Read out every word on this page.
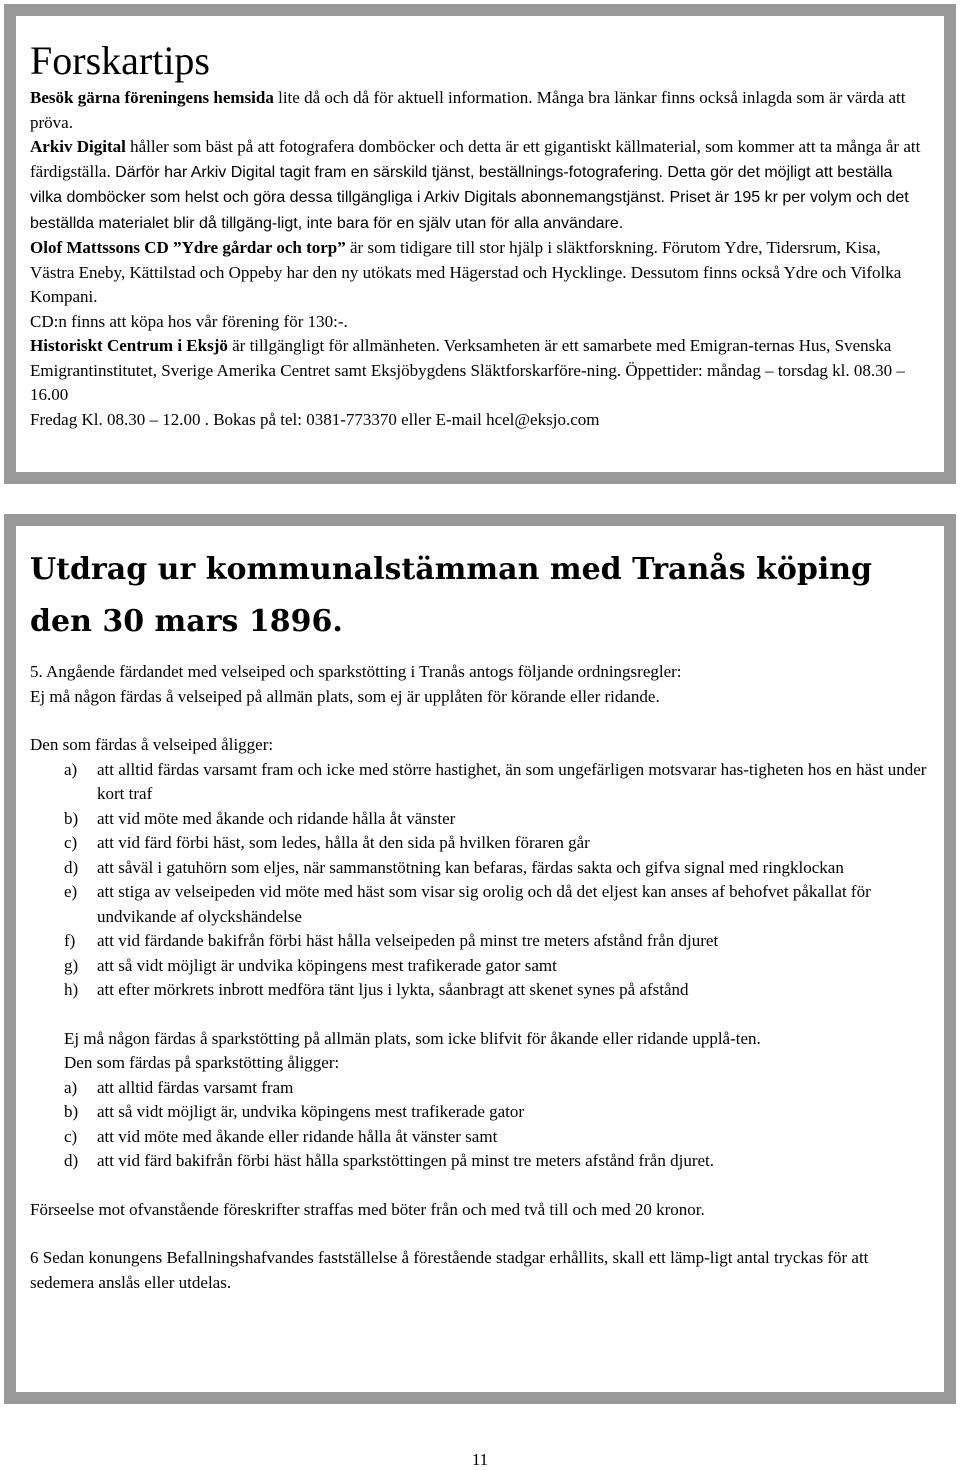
Forskartips

Besök gärna föreningens hemsida lite då och då för aktuell information. Många bra länkar finns också inlagda som är värda att pröva.

Arkiv Digital håller som bäst på att fotografera domböcker och detta är ett gigantiskt källmaterial, som kommer att ta många år att färdigställa. Därför har Arkiv Digital tagit fram en särskild tjänst, beställnings-fotografering. Detta gör det möjligt att beställa vilka domböcker som helst och göra dessa tillgängliga i Arkiv Digitals abonnemangstjänst. Priset är 195 kr per volym och det beställda materialet blir då tillgäng-ligt, inte bara för en själv utan för alla användare.

Olof Mattssons CD ”Ydre gårdar och torp” är som tidigare till stor hjälp i släktforskning. Förutom Ydre, Tidersrum, Kisa, Västra Eneby, Kättilstad och Oppeby har den ny utökats med Hägerstad och Hycklinge. Dessutom finns också Ydre och Vifolka Kompani.

CD:n finns att köpa hos vår förening för 130:-.

Historiskt Centrum i Eksjö är tillgängligt för allmänheten. Verksamheten är ett samarbete med Emigran-ternas Hus, Svenska Emigrantinstitutet, Sverige Amerika Centret samt Eksjöbygdens Släktforskarföre-ning. Öppettider: måndag – torsdag kl. 08.30 – 16.00

Fredag Kl. 08.30 – 12.00 . Bokas på tel: 0381-773370 eller E-mail hcel@eksjo.com

Utdrag ur kommunalstämman med Tranås köping
den 30 mars 1896.

5. Angående färdandet med velseiped och sparkstötting i Tranås antogs följande ordningsregler:

Ej må någon färdas å velseiped på allmän plats, som ej är upplåten för körande eller ridande.

Den som färdas å velseiped åligger:

a) att alltid färdas varsamt fram och icke med större hastighet, än som ungefärligen motsvarar has-tigheten hos en häst under kort traf
b) att vid möte med åkande och ridande hålla åt vänster
c) att vid färd förbi häst, som ledes, hålla åt den sida på hvilken föraren går
d) att såväl i gatuhörn som eljes, när sammanstötning kan befaras, färdas sakta och gifva signal med ringklockan
e) att stiga av velseipeden vid möte med häst som visar sig orolig och då det eljest kan anses af behofvet påkallat för undvikande af olyckshändelse
f) att vid färdande bakifrån förbi häst hålla velseipeden på minst tre meters afstånd från djuret
g) att så vidt möjligt är undvika köpingens mest trafikerade gator samt
h) att efter mörkrets inbrott medföra tänt ljus i lykta, såanbragt att skenet synes på afstånd

Ej må någon färdas å sparkstötting på allmän plats, som icke blifvit för åkande eller ridande upplå-ten.

Den som färdas på sparkstötting åligger:

a) att alltid färdas varsamt fram
b) att så vidt möjligt är, undvika köpingens mest trafikerade gator
c) att vid möte med åkande eller ridande hålla åt vänster samt
d) att vid färd bakifrån förbi häst hålla sparkstöttingen på minst tre meters afstånd från djuret.

Förseelse mot ofvanstående föreskrifter straffas med böter från och med två till och med 20 kronor.

6 Sedan konungens Befallningshafvandes fastställelse å förestående stadgar erhållits, skall ett lämp-ligt antal tryckas för att sedemera anslås eller utdelas.

11
